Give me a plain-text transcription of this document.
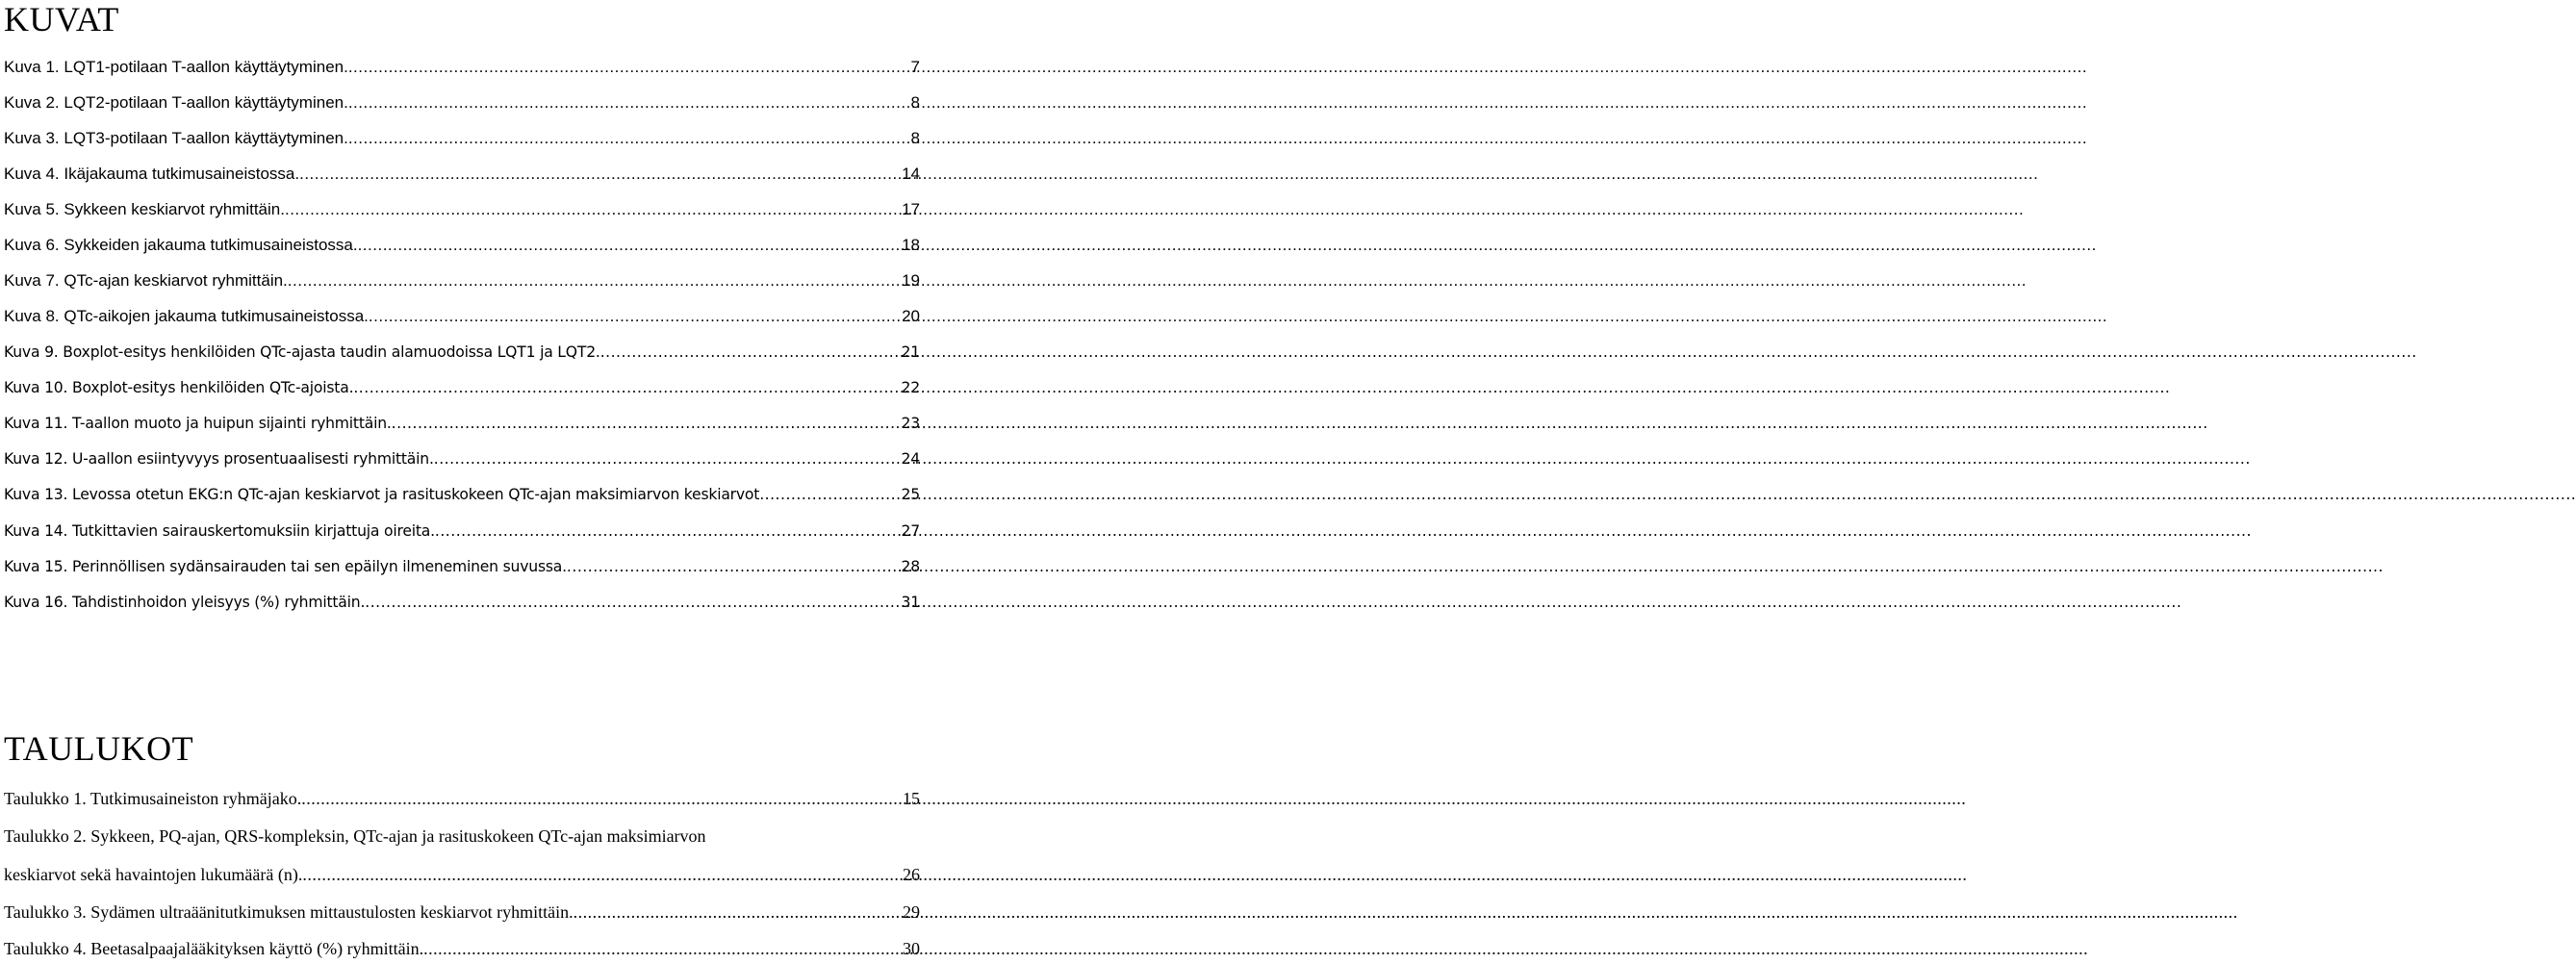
KUVAT
Kuva 1. LQT1-potilaan T-aallon käyttäytyminen. .....	7
Kuva 2. LQT2-potilaan T-aallon käyttäytyminen. .....	8
Kuva 3. LQT3-potilaan T-aallon käyttäytyminen. .....	8
Kuva 4. Ikäjakauma tutkimusaineistossa. .....	14
Kuva 5. Sykkeen keskiarvot ryhmittäin. .....	17
Kuva 6. Sykkeiden jakauma tutkimusaineistossa. .....	18
Kuva 7. QTc-ajan keskiarvot ryhmittäin. .....	19
Kuva 8. QTc-aikojen jakauma tutkimusaineistossa. .....	20
Kuva 9. Boxplot-esitys henkilöiden QTc-ajasta taudin alamuodoissa LQT1 ja LQT2. .....	21
Kuva 10. Boxplot-esitys henkilöiden QTc-ajoista. .....	22
Kuva 11. T-aallon muoto ja huipun sijainti ryhmittäin. .....	23
Kuva 12. U-aallon esiintyvyys prosentuaalisesti ryhmittäin. .....	24
Kuva 13. Levossa otetun EKG:n QTc-ajan keskiarvot ja rasituskokeen QTc-ajan maksimiarvon keskiarvot .....	25
Kuva 14. Tutkittavien sairauskertomuksiin kirjattuja oireita. .....	27
Kuva 15. Perinnöllisen sydänsairauden tai sen epäilyn ilmeneminen suvussa. .....	28
Kuva 16. Tahdistinhoidon yleisyys (%) ryhmittäin. .....	31
TAULUKOT
Taulukko 1. Tutkimusaineiston ryhmäjako. .....	15
Taulukko 2. Sykkeen, PQ-ajan, QRS-kompleksin, QTc-ajan ja rasituskokeen QTc-ajan maksimiarvon
keskiarvot sekä havaintojen lukumäärä (n). .....	26
Taulukko 3. Sydämen ultraäänitutkimuksen mittaustulosten keskiarvot ryhmittäin. .....	29
Taulukko 4. Beetasalpaajalääkityksen käyttö (%) ryhmittäin. .....	30
